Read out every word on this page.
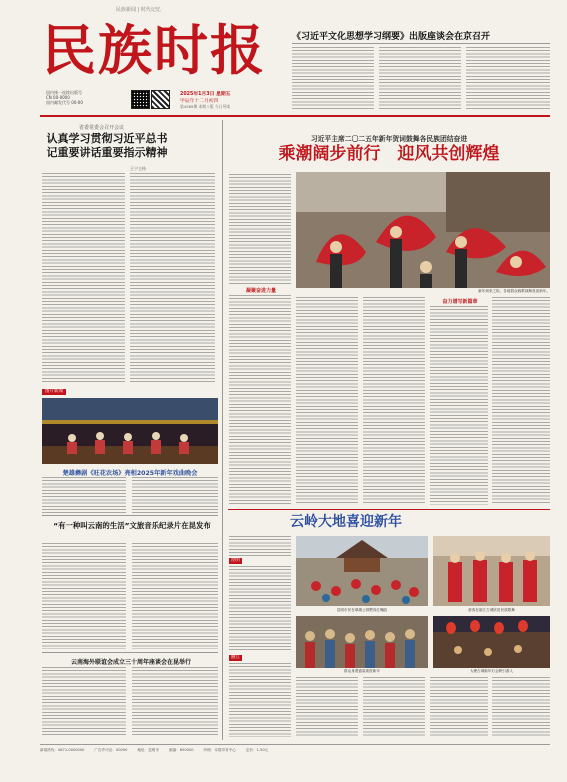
民族新闻 | 时代记忆
民族时报
国内统一连续出版号
CN 00-0000
国内邮发代号 00-00
2025年1月3日 星期五
甲辰年十二月初四
第4589期 本期八版 今日导读
《习近平文化思想学习纲要》出版座谈会在京召开
省委常委会召开会议
认真学习贯彻习近平总书记重要讲话重要指示精神
王宁主持
图片新闻
楚雄彝剧《旺花农场》亮相2025年新年戏曲晚会
“有一种叫云南的生活”文旅音乐纪录片在昆发布
云南海外联谊会成立三十周年座谈会在昆举行
习近平主席二〇二五年新年贺词鼓舞各民族团结奋进
乘潮阔步前行　迎风共创辉煌
凝聚奋进力量	新年到来之际，各地群众载歌载舞喜迎新年。
奋力谱写新篇章
云岭大地喜迎新年
昆明
丽江
昆明市民在翠湖公园喂食红嘴鸥	游客在丽江古城欣赏民族歌舞
群众身着盛装欢度新年	大理古城新年灯会吸引游人
新闻热线：0871-0000000	广告许可证：00000	地址：昆明市	邮编：650000	印刷：本报印务中心	定价：1.50元
